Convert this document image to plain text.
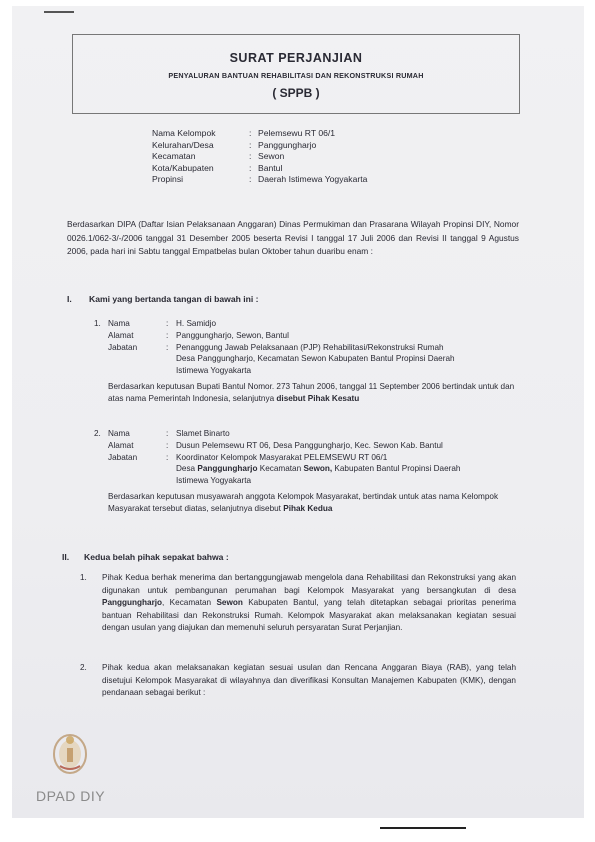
SURAT PERJANJIAN
PENYALURAN BANTUAN REHABILITASI DAN REKONSTRUKSI RUMAH
( SPPB )
Nama Kelompok	: Pelemsewu RT 06/1
Kelurahan/Desa	: Panggungharjo
Kecamatan	: Sewon
Kota/Kabupaten	: Bantul
Propinsi	: Daerah Istimewa Yogyakarta
Berdasarkan DIPA (Daftar Isian Pelaksanaan Anggaran) Dinas Permukiman dan Prasarana Wilayah Propinsi DIY, Nomor 0026.1/062-3/-/2006 tanggal 31 Desember 2005 beserta Revisi I tanggal 17 Juli 2006 dan Revisi II tanggal 9 Agustus 2006, pada hari ini Sabtu tanggal Empatbelas bulan Oktober tahun duaribu enam :
I. Kami yang bertanda tangan di bawah ini :
1. Nama	: H. Samidjo
Alamat	: Panggungharjo, Sewon, Bantul
Jabatan	: Penanggung Jawab Pelaksanaan (PJP) Rehabilitasi/Rekonstruksi Rumah
Desa Panggungharjo, Kecamatan Sewon Kabupaten Bantul Propinsi Daerah
Istimewa Yogyakarta
Berdasarkan keputusan Bupati Bantul Nomor. 273 Tahun 2006, tanggal 11 September 2006 bertindak untuk dan atas nama Pemerintah Indonesia, selanjutnya disebut Pihak Kesatu
2. Nama	: Slamet Binarto
Alamat	: Dusun Pelemsewu RT 06, Desa Panggungharjo, Kec. Sewon Kab. Bantul
Jabatan	: Koordinator Kelompok Masyarakat PELEMSEWU RT 06/1
Desa Panggungharjo Kecamatan Sewon, Kabupaten Bantul Propinsi Daerah
Istimewa Yogyakarta
Berdasarkan keputusan musyawarah anggota Kelompok Masyarakat, bertindak untuk atas nama Kelompok Masyarakat tersebut diatas, selanjutnya disebut Pihak Kedua
II. Kedua belah pihak sepakat bahwa :
1.	Pihak Kedua berhak menerima dan bertanggungjawab mengelola dana Rehabilitasi dan Rekonstruksi yang akan digunakan untuk pembangunan perumahan bagi Kelompok Masyarakat yang bersangkutan di desa Panggungharjo, Kecamatan Sewon Kabupaten Bantul, yang telah ditetapkan sebagai prioritas penerima bantuan Rehabilitasi dan Rekonstruksi Rumah. Kelompok Masyarakat akan melaksanakan kegiatan sesuai dengan usulan yang diajukan dan memenuhi seluruh persyaratan Surat Perjanjian.
2.	Pihak kedua akan melaksanakan kegiatan sesuai usulan dan Rencana Anggaran Biaya (RAB), yang telah disetujui Kelompok Masyarakat di wilayahnya dan diverifikasi Konsultan Manajemen Kabupaten (KMK), dengan pendanaan sebagai berikut :
DPAD DIY
